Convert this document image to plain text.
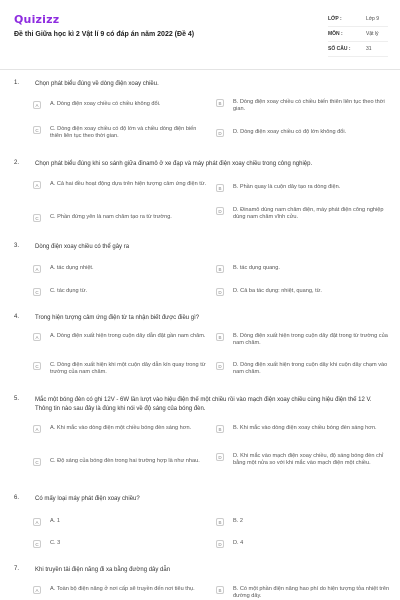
Quizizz
Đề thi Giữa học kì 2 Vật lí 9 có đáp án năm 2022 (Đề 4)
LỚP :	Lớp 9
MÔN :	Vật lý
SỐ CÂU :	31
1.	Chọn phát biểu đúng về dòng điện xoay chiều.
A	A. Dòng điện xoay chiều có chiều không đổi.	B	B. Dòng điện xoay chiều có chiều biến thiên liên tục theo thời gian.
C	C. Dòng điện xoay chiều có độ lớn và chiều dòng điện biến thiên liên tục theo thời gian.
D	D. Dòng điện xoay chiều có độ lớn không đổi.
2.	Chọn phát biểu đúng khi so sánh giữa đinamô ở xe đạp và máy phát điện xoay chiều trong công nghiệp.
A	A. Cả hai đều hoạt động dựa trên hiện tượng cảm ứng điện từ.
B	B. Phần quay là cuộn dây tạo ra dòng điện.
C	C. Phần đứng yên là nam châm tạo ra từ trường.
D	D. Đinamô dùng nam châm điện, máy phát điện công nghiệp dùng nam châm vĩnh cửu.
3.	Dòng điện xoay chiều có thể gây ra
A	A. tác dụng nhiệt.	B	B. tác dụng quang.
C	C. tác dụng từ.	D	D. Cả ba tác dụng: nhiệt, quang, từ.
4.	Trong hiện tượng cảm ứng điện từ ta nhận biết được điều gì?
A	A. Dòng điện xuất hiện trong cuộn dây dẫn đặt gần nam châm.	B	B. Dòng điện xuất hiện trong cuộn dây đặt trong từ trường của nam châm.
C	C. Dòng điện xuất hiện khi một cuộn dây dẫn kín quay trong từ trường của nam châm.
D	D. Dòng điện xuất hiện trong cuộn dây khi cuộn dây chạm vào nam châm.
5.	Mắc một bóng đèn có ghi 12V - 6W lần lượt vào hiệu điện thế một chiều rồi vào mạch điện xoay chiều cùng hiệu điện thế 12 V. Thông tin nào sau đây là đúng khi nói về độ sáng của bóng đèn.
A	A. Khi mắc vào dòng điện một chiều bóng đèn sáng hơn.	B	B. Khi mắc vào dòng điện xoay chiều bóng đèn sáng hơn.
C	C. Độ sáng của bóng đèn trong hai trường hợp là như nhau.
D	D. Khi mắc vào mạch điện xoay chiều, độ sáng bóng đèn chỉ bằng một nửa so với khi mắc vào mạch điện một chiều.
6.	Có mấy loại máy phát điện xoay chiều?
A	A. 1	B	B. 2
C	C. 3	D	D. 4
7.	Khi truyền tải điện năng đi xa bằng đường dây dẫn
A	A. Toàn bộ điện năng ở nơi cấp sẽ truyền đến nơi tiêu thụ.	B	B. Có một phần điện năng hao phí do hiện tượng tỏa nhiệt trên đường dây.
